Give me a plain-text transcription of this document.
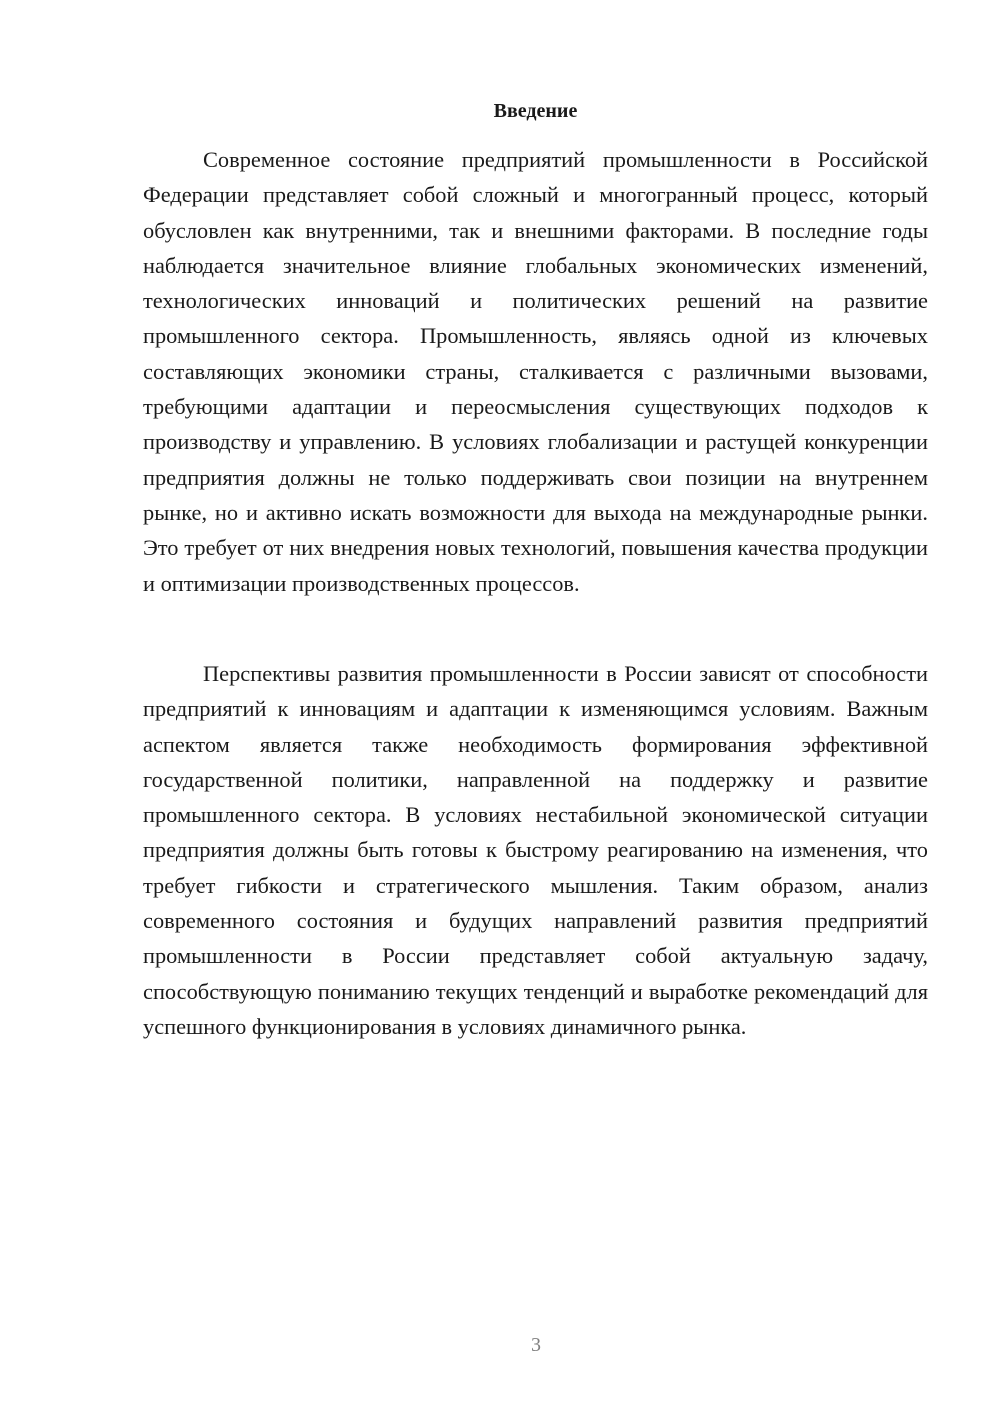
Введение

Современное состояние предприятий промышленности в Российской Федерации представляет собой сложный и многогранный процесс, который обусловлен как внутренними, так и внешними факторами. В последние годы наблюдается значительное влияние глобальных экономических изменений, технологических инноваций и политических решений на развитие промышленного сектора. Промышленность, являясь одной из ключевых составляющих экономики страны, сталкивается с различными вызовами, требующими адаптации и переосмысления существующих подходов к производству и управлению. В условиях глобализации и растущей конкуренции предприятия должны не только поддерживать свои позиции на внутреннем рынке, но и активно искать возможности для выхода на международные рынки. Это требует от них внедрения новых технологий, повышения качества продукции и оптимизации производственных процессов.

Перспективы развития промышленности в России зависят от способности предприятий к инновациям и адаптации к изменяющимся условиям. Важным аспектом является также необходимость формирования эффективной государственной политики, направленной на поддержку и развитие промышленного сектора. В условиях нестабильной экономической ситуации предприятия должны быть готовы к быстрому реагированию на изменения, что требует гибкости и стратегического мышления. Таким образом, анализ современного состояния и будущих направлений развития предприятий промышленности в России представляет собой актуальную задачу, способствующую пониманию текущих тенденций и выработке рекомендаций для успешного функционирования в условиях динамичного рынка.

3
